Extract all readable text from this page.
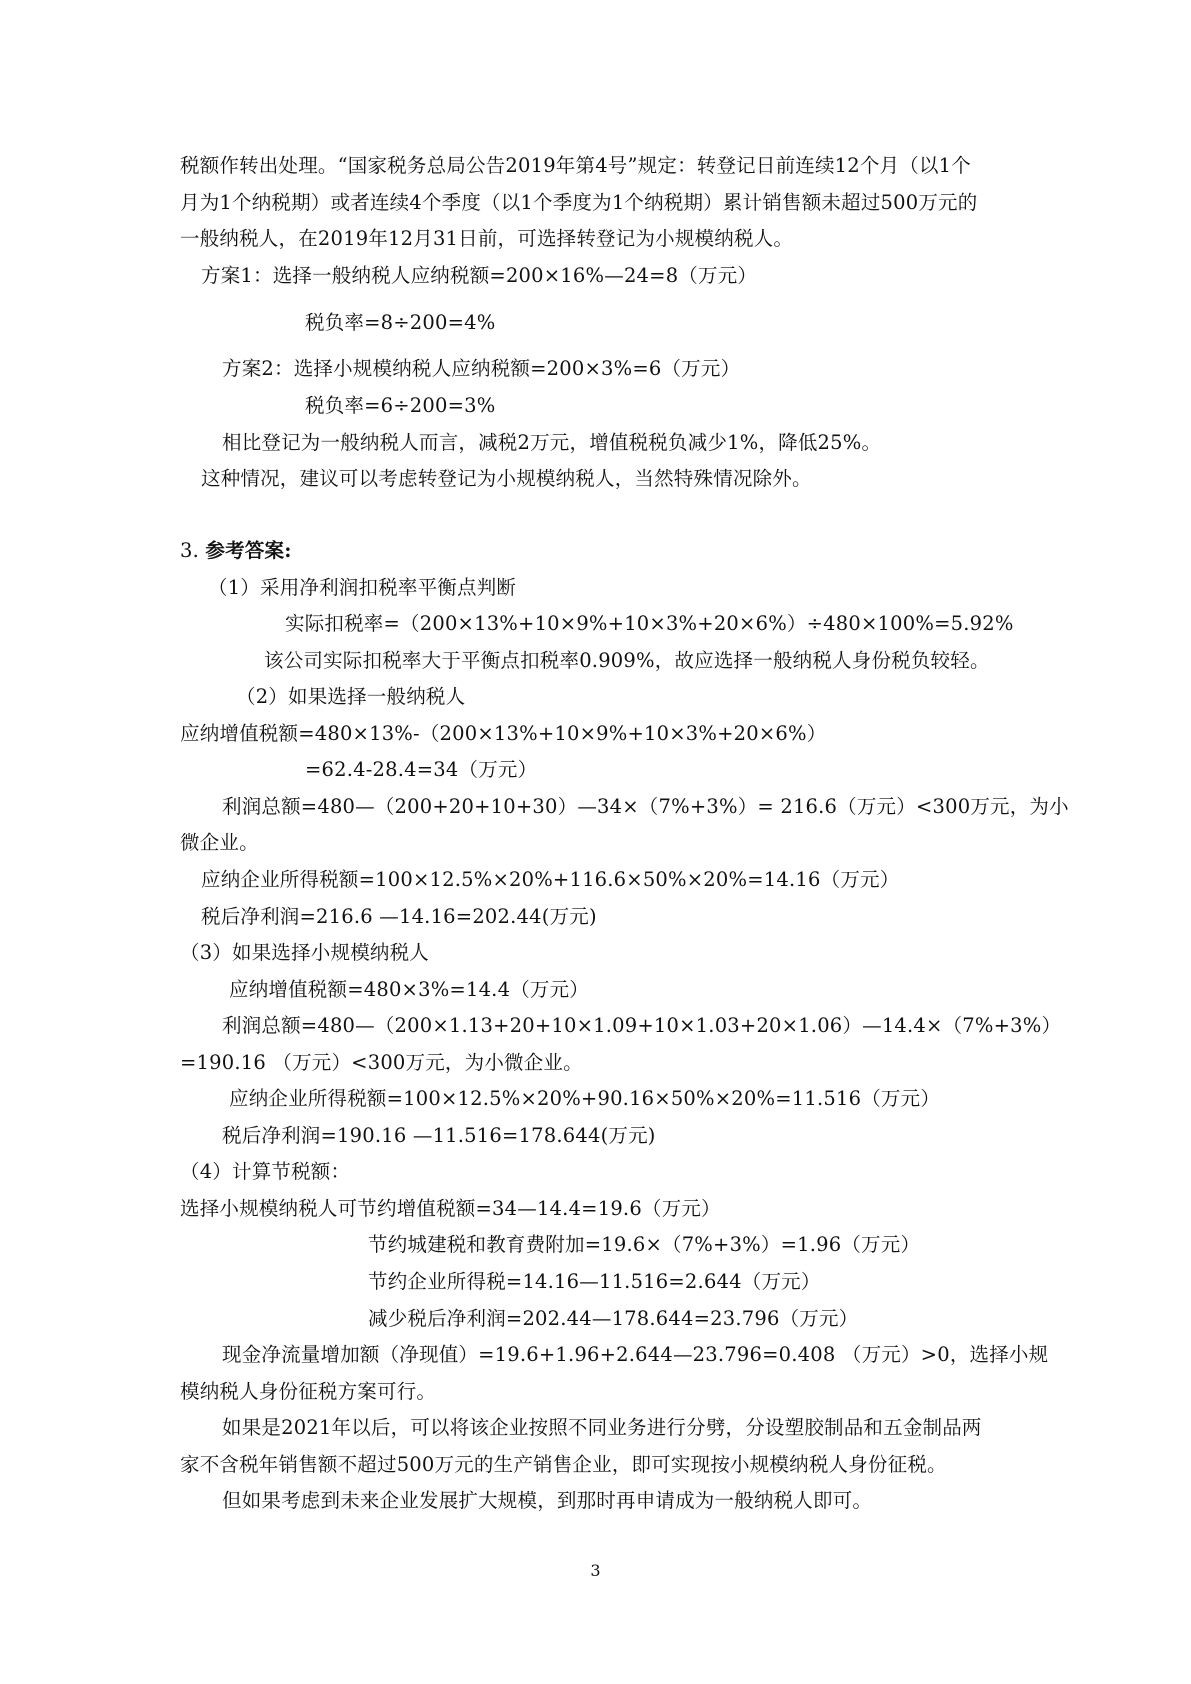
税额作转出处理。“国家税务总局公告2019年第4号”规定：转登记日前连续12个月（以1个
月为1个纳税期）或者连续4个季度（以1个季度为1个纳税期）累计销售额未超过500万元的
一般纳税人，在2019年12月31日前，可选择转登记为小规模纳税人。
方案1：选择一般纳税人应纳税额=200×16%—24=8（万元）
税负率=8÷200=4%
方案2：选择小规模纳税人应纳税额=200×3%=6（万元）
税负率=6÷200=3%
相比登记为一般纳税人而言，减税2万元，增值税税负减少1%，降低25%。
这种情况，建议可以考虑转登记为小规模纳税人，当然特殊情况除外。
3. 参考答案:
（1）采用净利润扣税率平衡点判断
实际扣税率=（200×13%+10×9%+10×3%+20×6%）÷480×100%=5.92%
该公司实际扣税率大于平衡点扣税率0.909%，故应选择一般纳税人身份税负较轻。
（2）如果选择一般纳税人
应纳增值税额=480×13%-（200×13%+10×9%+10×3%+20×6%）
=62.4-28.4=34（万元）
利润总额=480—（200+20+10+30）—34×（7%+3%）= 216.6（万元）<300万元，为小
微企业。
应纳企业所得税额=100×12.5%×20%+116.6×50%×20%=14.16（万元）
税后净利润=216.6 —14.16=202.44(万元)
（3）如果选择小规模纳税人
应纳增值税额=480×3%=14.4（万元）
利润总额=480—（200×1.13+20+10×1.09+10×1.03+20×1.06）—14.4×（7%+3%）
=190.16 （万元）<300万元，为小微企业。
应纳企业所得税额=100×12.5%×20%+90.16×50%×20%=11.516（万元）
税后净利润=190.16 —11.516=178.644(万元)
（4）计算节税额：
选择小规模纳税人可节约增值税额=34—14.4=19.6（万元）
节约城建税和教育费附加=19.6×（7%+3%）=1.96（万元）
节约企业所得税=14.16—11.516=2.644（万元）
减少税后净利润=202.44—178.644=23.796（万元）
现金净流量增加额（净现值）=19.6+1.96+2.644—23.796=0.408 （万元）>0，选择小规
模纳税人身份征税方案可行。
如果是2021年以后，可以将该企业按照不同业务进行分劈，分设塑胶制品和五金制品两
家不含税年销售额不超过500万元的生产销售企业，即可实现按小规模纳税人身份征税。
但如果考虑到未来企业发展扩大规模，到那时再申请成为一般纳税人即可。
3
